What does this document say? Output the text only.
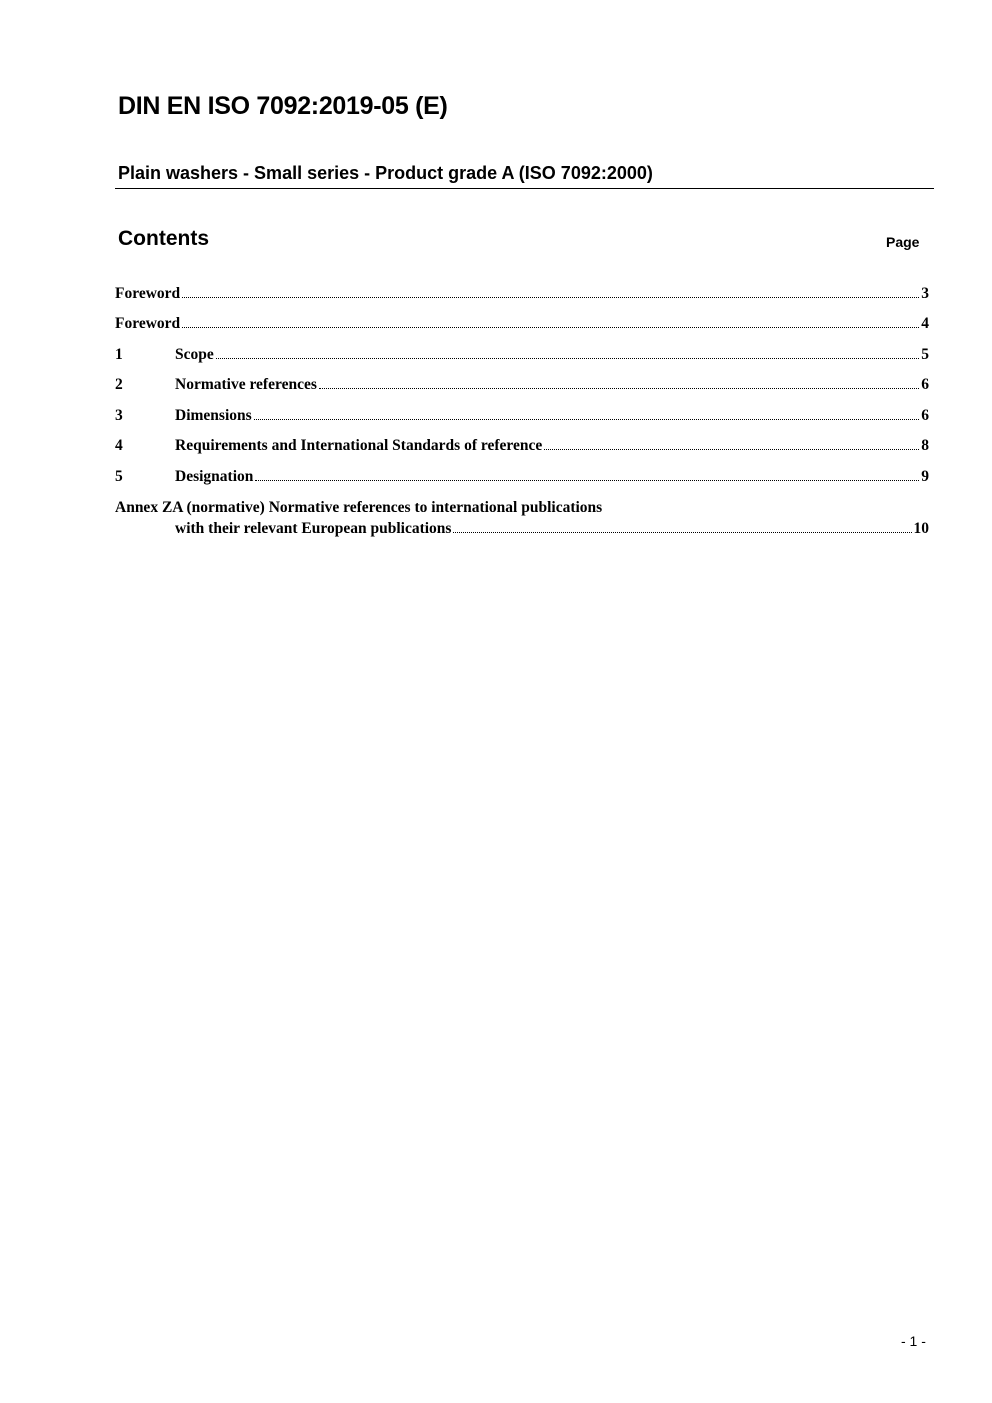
DIN EN ISO 7092:2019-05 (E)
Plain washers - Small series - Product grade A (ISO 7092:2000)
Contents	Page
Foreword	3
Foreword	4
1	Scope	5
2	Normative references	6
3	Dimensions	6
4	Requirements and International Standards of reference	8
5	Designation	9
Annex ZA (normative) Normative references to international publications
with their relevant European publications	10
- 1 -
